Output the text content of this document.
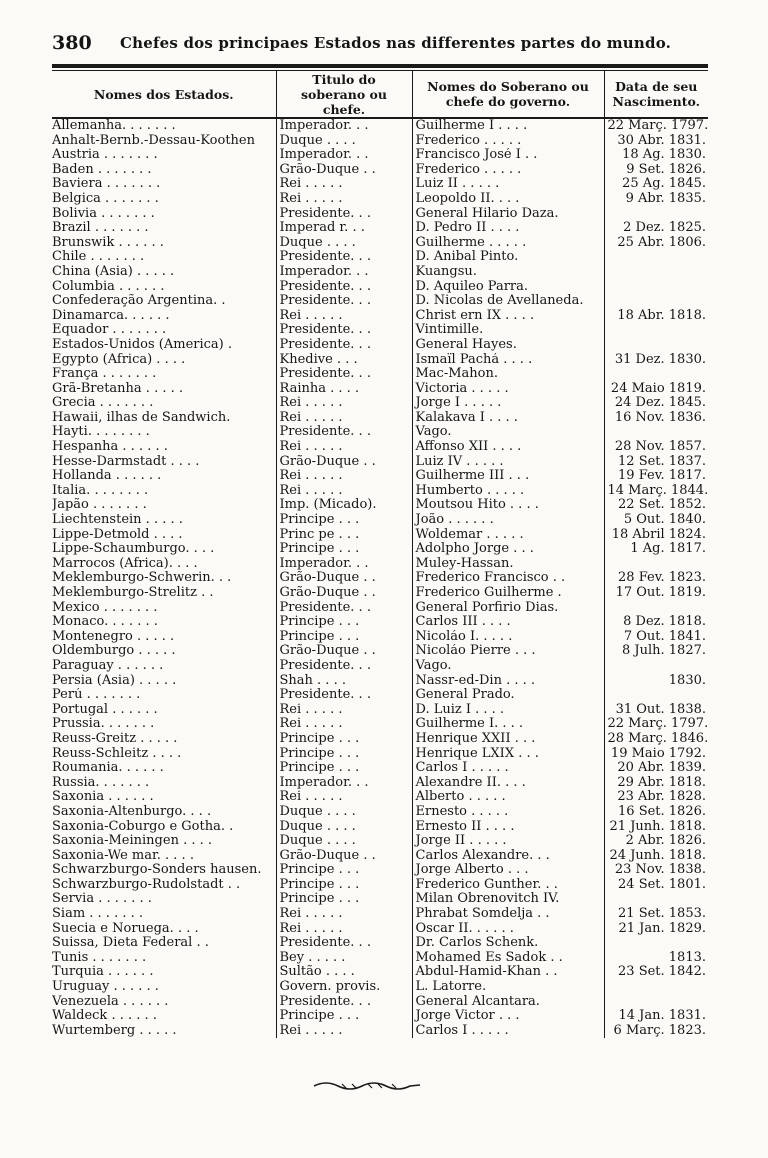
380 Chefes dos principaes Estados nas differentes partes do mundo.
Nomes dos Estados.	Titulo do soberano ou chefe.	Nomes do Soberano ou chefe do governo.	Data de seu Nascimento.
Allemanha. . . . . . .	Imperador. . .	Guilherme I . . . .	22 Març. 1797.
Anhalt-Bernb.-Dessau-Koothen	Duque . . . .	Frederico . . . . .	30 Abr. 1831.
Austria . . . . . . .	Imperador. . .	Francisco José I . .	18 Ag. 1830.
Baden . . . . . . .	Grão-Duque . .	Frederico . . . . .	9 Set. 1826.
Baviera . . . . . . .	Rei . . . . .	Luiz II . . . . .	25 Ag. 1845.
Belgica . . . . . . .	Rei . . . . .	Leopoldo II. . . .	9 Abr. 1835.
Bolivia . . . . . . .	Presidente. . .	General Hilario Daza.	
Brazil . . . . . . .	Imperad r. . .	D. Pedro II . . . .	2 Dez. 1825.
Brunswik . . . . . .	Duque . . . .	Guilherme . . . . .	25 Abr. 1806.
Chile . . . . . . .	Presidente. . .	D. Anibal Pinto.	
China (Asia) . . . . .	Imperador. . .	Kuangsu.	
Columbia . . . . . .	Presidente. . .	D. Aquileo Parra.	
Confederação Argentina. .	Presidente. . .	D. Nicolas de Avellaneda.	
Dinamarca. . . . . .	Rei . . . . .	Christ ern IX . . . .	18 Abr. 1818.
Equador . . . . . . .	Presidente. . .	Vintimille.	
Estados-Unidos (America) .	Presidente. . .	General Hayes.	
Egypto (Africa) . . . .	Khedive . . .	Ismaïl Pachá . . . .	31 Dez. 1830.
França . . . . . . .	Presidente. . .	Mac-Mahon.	
Grã-Bretanha . . . . .	Rainha . . . .	Victoria . . . . .	24 Maio 1819.
Grecia . . . . . . .	Rei . . . . .	Jorge I . . . . .	24 Dez. 1845.
Hawaii, ilhas de Sandwich.	Rei . . . . .	Kalakava I . . . .	16 Nov. 1836.
Hayti. . . . . . . .	Presidente. . .	Vago.	
Hespanha . . . . . .	Rei . . . . .	Affonso XII . . . .	28 Nov. 1857.
Hesse-Darmstadt . . . .	Grão-Duque . .	Luiz IV . . . . .	12 Set. 1837.
Hollanda . . . . . .	Rei . . . . .	Guilherme III . . .	19 Fev. 1817.
Italia. . . . . . . .	Rei . . . . .	Humberto . . . . .	14 Març. 1844.
Japão . . . . . . .	Imp. (Micado).	Moutsou Hito . . . .	22 Set. 1852.
Liechtenstein . . . . .	Principe . . .	João . . . . . .	5 Out. 1840.
Lippe-Detmold . . . .	Princ pe . . .	Woldemar . . . . .	18 Abril 1824.
Lippe-Schaumburgo. . . .	Principe . . .	Adolpho Jorge . . .	1 Ag. 1817.
Marrocos (Africa). . . .	Imperador. . .	Muley-Hassan.	
Meklemburgo-Schwerin. . .	Grão-Duque . .	Frederico Francisco . .	28 Fev. 1823.
Meklemburgo-Strelitz . .	Grão-Duque . .	Frederico Guilherme .	17 Out. 1819.
Mexico . . . . . . .	Presidente. . .	General Porfirio Dias.	
Monaco. . . . . . .	Principe . . .	Carlos III . . . .	8 Dez. 1818.
Montenegro . . . . .	Principe . . .	Nicoláo I. . . . .	7 Out. 1841.
Oldemburgo . . . . .	Grão-Duque . .	Nicoláo Pierre . . .	8 Julh. 1827.
Paraguay . . . . . .	Presidente. . .	Vago.	
Persia (Asia) . . . . .	Shah . . . .	Nassr-ed-Din . . . .	1830.
Perú . . . . . . .	Presidente. . .	General Prado.	
Portugal . . . . . .	Rei . . . . .	D. Luiz I . . . .	31 Out. 1838.
Prussia. . . . . . .	Rei . . . . .	Guilherme I. . . .	22 Març. 1797.
Reuss-Greitz . . . . .	Principe . . .	Henrique XXII . . .	28 Març. 1846.
Reuss-Schleitz . . . .	Principe . . .	Henrique LXIX . . .	19 Maio 1792.
Roumania. . . . . .	Principe . . .	Carlos I . . . . .	20 Abr. 1839.
Russia. . . . . . .	Imperador. . .	Alexandre II. . . .	29 Abr. 1818.
Saxonia . . . . . .	Rei . . . . .	Alberto . . . . .	23 Abr. 1828.
Saxonia-Altenburgo. . . .	Duque . . . .	Ernesto . . . . .	16 Set. 1826.
Saxonia-Coburgo e Gotha. .	Duque . . . .	Ernesto II . . . .	21 Junh. 1818.
Saxonia-Meiningen . . . .	Duque . . . .	Jorge II . . . . .	2 Abr. 1826.
Saxonia-We mar. . . . .	Grão-Duque . .	Carlos Alexandre. . .	24 Junh. 1818.
Schwarzburgo-Sonders hausen.	Principe . . .	Jorge Alberto . . .	23 Nov. 1838.
Schwarzburgo-Rudolstadt . .	Principe . . .	Frederico Gunther. . .	24 Set. 1801.
Servia . . . . . . .	Principe . . .	Milan Obrenovitch IV.	
Siam . . . . . . .	Rei . . . . .	Phrabat Somdelja . .	21 Set. 1853.
Suecia e Noruega. . . .	Rei . . . . .	Oscar II. . . . . .	21 Jan. 1829.
Suissa, Dieta Federal . .	Presidente. . .	Dr. Carlos Schenk.	
Tunis . . . . . . .	Bey . . . . .	Mohamed Es Sadok . .	1813.
Turquia . . . . . .	Sultão . . . .	Abdul-Hamid-Khan . .	23 Set. 1842.
Uruguay . . . . . .	Govern. provis.	L. Latorre.	
Venezuela . . . . . .	Presidente. . .	General Alcantara.	
Waldeck . . . . . .	Principe . . .	Jorge Victor . . .	14 Jan. 1831.
Wurtemberg . . . . .	Rei . . . . .	Carlos I . . . . .	6 Març. 1823.
